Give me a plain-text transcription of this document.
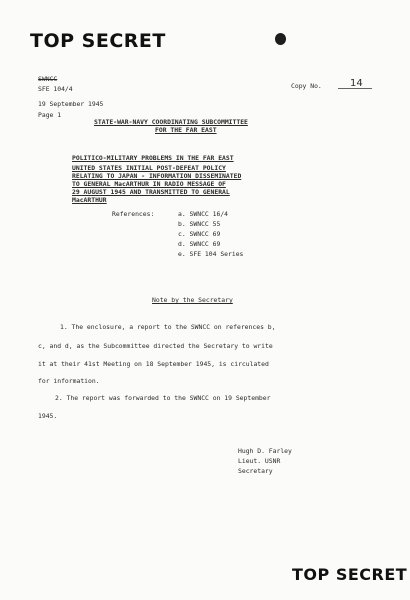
TOP SECRET
SWNCC
SFE 104/4
19 September 1945
Page 1
Copy No.	14
STATE-WAR-NAVY COORDINATING SUBCOMMITTEE
FOR THE FAR EAST
POLITICO-MILITARY PROBLEMS IN THE FAR EAST
UNITED STATES INITIAL POST-DEFEAT POLICY
RELATING TO JAPAN - INFORMATION DISSEMINATED
TO GENERAL MacARTHUR IN RADIO MESSAGE OF
29 AUGUST 1945 AND TRANSMITTED TO GENERAL
MacARTHUR
References:	a. SWNCC 16/4
b. SWNCC 55
c. SWNCC 69
d. SWNCC 69
e. SFE 104 Series
Note by the Secretary
1. The enclosure, a report to the SWNCC on references b,
c, and d, as the Subcommittee directed the Secretary to write
it at their 41st Meeting on 18 September 1945, is circulated
for information.
2. The report was forwarded to the SWNCC on 19 September
1945.
Hugh D. Farley
Lieut. USNR
Secretary
TOP SECRET
